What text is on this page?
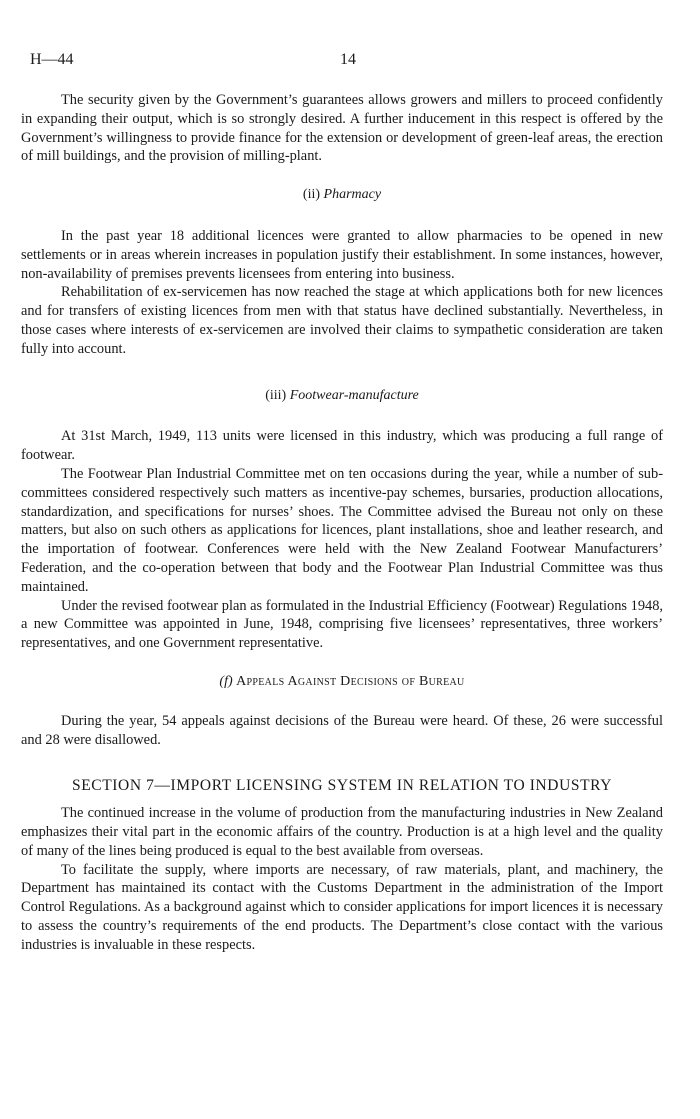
H—44	14

The security given by the Government’s guarantees allows growers and millers to proceed confidently in expanding their output, which is so strongly desired. A further inducement in this respect is offered by the Government’s willingness to provide finance for the extension or development of green-leaf areas, the erection of mill buildings, and the provision of milling-plant.

(ii) Pharmacy

In the past year 18 additional licences were granted to allow pharmacies to be opened in new settlements or in areas wherein increases in population justify their establishment. In some instances, however, non-availability of premises prevents licensees from entering into business.

Rehabilitation of ex-servicemen has now reached the stage at which applications both for new licences and for transfers of existing licences from men with that status have declined substantially. Nevertheless, in those cases where interests of ex-servicemen are involved their claims to sympathetic consideration are taken fully into account.

(iii) Footwear-manufacture

At 31st March, 1949, 113 units were licensed in this industry, which was producing a full range of footwear.

The Footwear Plan Industrial Committee met on ten occasions during the year, while a number of sub-committees considered respectively such matters as incentive-pay schemes, bursaries, production allocations, standardization, and specifications for nurses’ shoes. The Committee advised the Bureau not only on these matters, but also on such others as applications for licences, plant installations, shoe and leather research, and the importation of footwear. Conferences were held with the New Zealand Footwear Manufacturers’ Federation, and the co-operation between that body and the Footwear Plan Industrial Committee was thus maintained.

Under the revised footwear plan as formulated in the Industrial Efficiency (Footwear) Regulations 1948, a new Committee was appointed in June, 1948, comprising five licensees’ representatives, three workers’ representatives, and one Government representative.

(f) Appeals Against Decisions of Bureau

During the year, 54 appeals against decisions of the Bureau were heard. Of these, 26 were successful and 28 were disallowed.

SECTION 7—IMPORT LICENSING SYSTEM IN RELATION TO INDUSTRY

The continued increase in the volume of production from the manufacturing industries in New Zealand emphasizes their vital part in the economic affairs of the country. Production is at a high level and the quality of many of the lines being produced is equal to the best available from overseas.

To facilitate the supply, where imports are necessary, of raw materials, plant, and machinery, the Department has maintained its contact with the Customs Department in the administration of the Import Control Regulations. As a background against which to consider applications for import licences it is necessary to assess the country’s requirements of the end products. The Department’s close contact with the various industries is invaluable in these respects.
